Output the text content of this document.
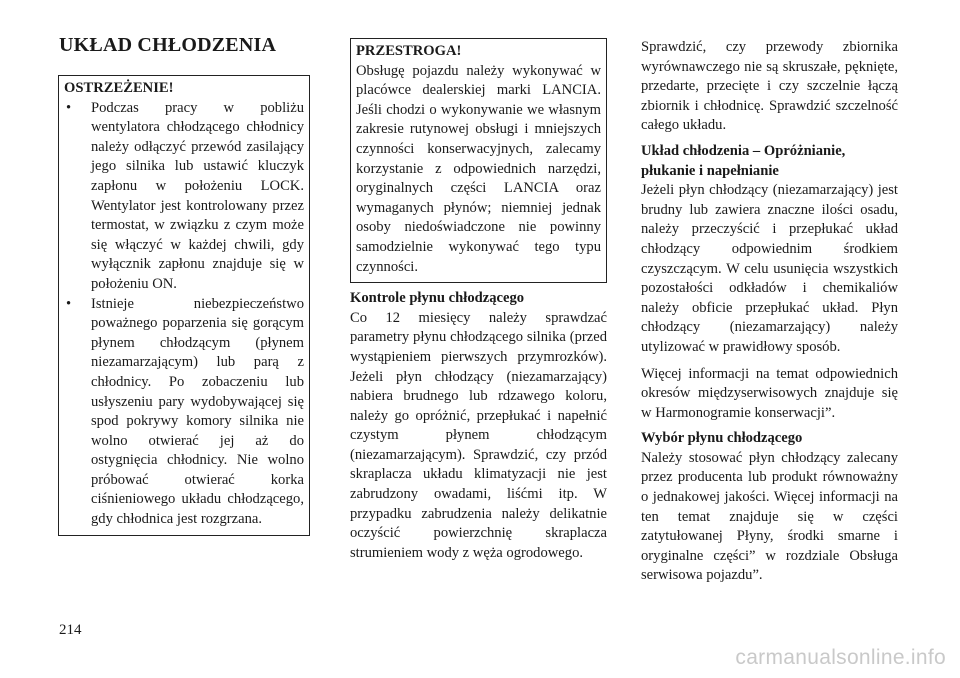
UKŁAD CHŁODZENIA
OSTRZEŻENIE!
• Podczas pracy w pobliżu wentylatora chłodzącego chłodnicy należy odłączyć przewód zasilający jego silnika lub ustawić kluczyk zapłonu w położeniu LOCK. Wentylator jest kontrolowany przez termostat, w związku z czym może się włączyć w każdej chwili, gdy wyłącznik zapłonu znajduje się w położeniu ON.
• Istnieje niebezpieczeństwo poważnego poparzenia się gorącym płynem chłodzącym (płynem niezamarzającym) lub parą z chłodnicy. Po zobaczeniu lub usłyszeniu pary wydobywającej się spod pokrywy komory silnika nie wolno otwierać jej aż do ostygnięcia chłodnicy. Nie wolno próbować otwierać korka ciśnieniowego układu chłodzącego, gdy chłodnica jest rozgrzana.
PRZESTROGA!

Obsługę pojazdu należy wykonywać w placówce dealerskiej marki LANCIA. Jeśli chodzi o wykonywanie we własnym zakresie rutynowej obsługi i mniejszych czynności konserwacyjnych, zalecamy korzystanie z odpowiednich narzędzi, oryginalnych części LANCIA oraz wymaganych płynów; niemniej jednak osoby niedoświadczone nie powinny samodzielnie wykonywać tego typu czynności.

Kontrole płynu chłodzącego

Co 12 miesięcy należy sprawdzać parametry płynu chłodzącego silnika (przed wystąpieniem pierwszych przymrozków). Jeżeli płyn chłodzący (niezamarzający) nabiera brudnego lub rdzawego koloru, należy go opróżnić, przepłukać i napełnić czystym płynem chłodzącym (niezamarzającym). Sprawdzić, czy przód skraplacza układu klimatyzacji nie jest zabrudzony owadami, liśćmi itp. W przypadku zabrudzenia należy delikatnie oczyścić powierzchnię skraplacza strumieniem wody z węża ogrodowego.

Sprawdzić, czy przewody zbiornika wyrównawczego nie są skruszałe, pęknięte, przedarte, przecięte i czy szczelnie łączą zbiornik i chłodnicę. Sprawdzić szczelność całego układu.

Układ chłodzenia – Opróżnianie, płukanie i napełnianie

Jeżeli płyn chłodzący (niezamarzający) jest brudny lub zawiera znaczne ilości osadu, należy przeczyścić i przepłukać układ chłodzący odpowiednim środkiem czyszczącym. W celu usunięcia wszystkich pozostałości odkładów i chemikaliów należy obficie przepłukać układ. Płyn chłodzący (niezamarzający) należy utylizować w prawidłowy sposób.

Więcej informacji na temat odpowiednich okresów międzyserwisowych znajduje się w Harmonogramie konserwacji”.

Wybór płynu chłodzącego

Należy stosować płyn chłodzący zalecany przez producenta lub produkt równoważny o jednakowej jakości. Więcej informacji na ten temat znajduje się w części zatytułowanej Płyny, środki smarne i oryginalne części” w rozdziale Obsługa serwisowa pojazdu”.

214
carmanualsonline.info
